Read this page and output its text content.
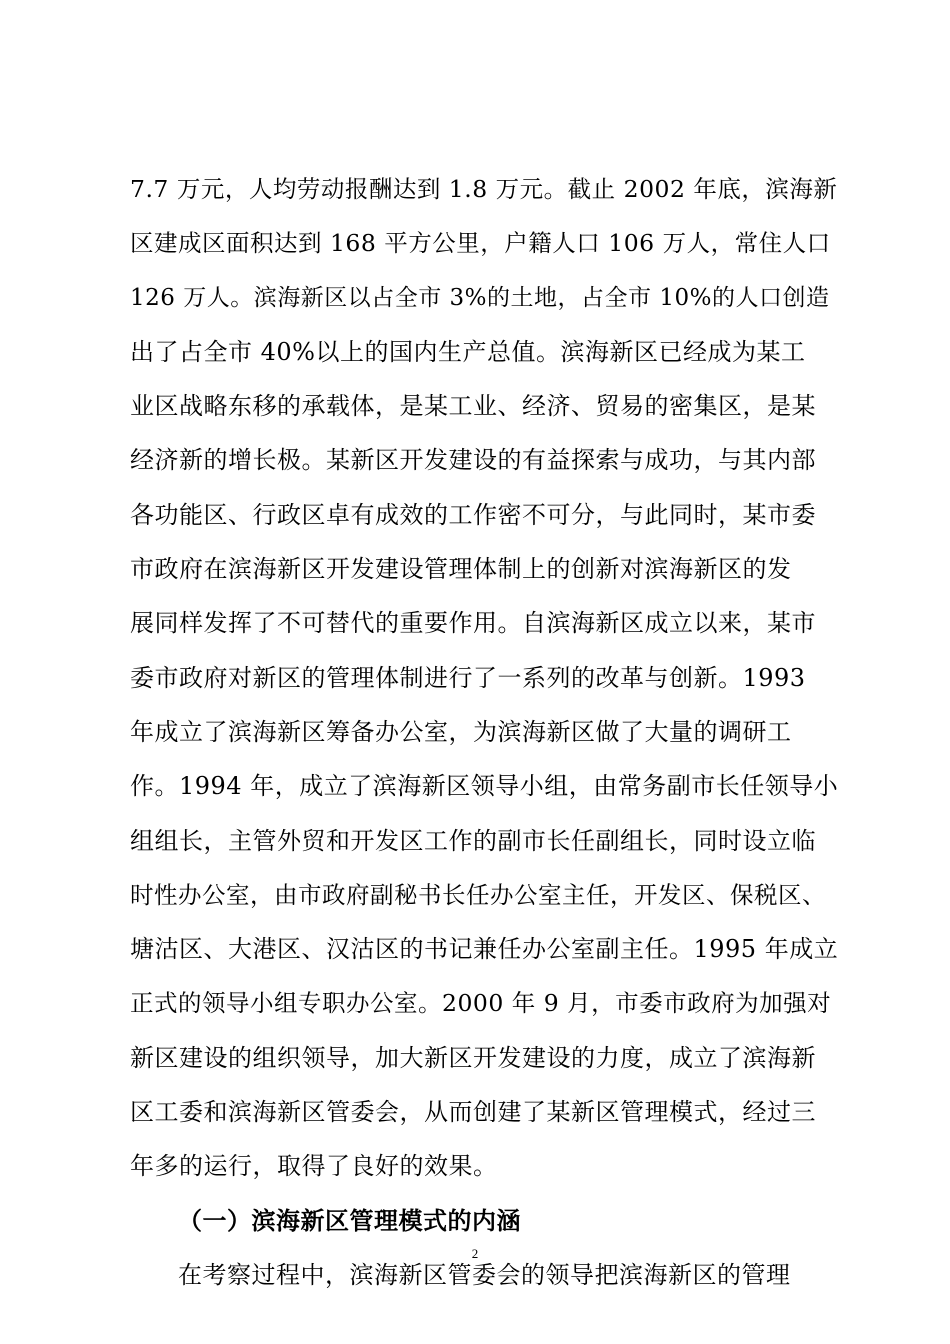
7.7 万元，人均劳动报酬达到 1.8 万元。截止 2002 年底，滨海新
区建成区面积达到 168 平方公里，户籍人口 106 万人，常住人口
126 万人。滨海新区以占全市 3%的土地，占全市 10%的人口创造
出了占全市 40%以上的国内生产总值。滨海新区已经成为某工
业区战略东移的承载体，是某工业、经济、贸易的密集区，是某
经济新的增长极。某新区开发建设的有益探索与成功，与其内部
各功能区、行政区卓有成效的工作密不可分，与此同时，某市委
市政府在滨海新区开发建设管理体制上的创新对滨海新区的发
展同样发挥了不可替代的重要作用。自滨海新区成立以来，某市
委市政府对新区的管理体制进行了一系列的改革与创新。1993
年成立了滨海新区筹备办公室，为滨海新区做了大量的调研工
作。1994 年，成立了滨海新区领导小组，由常务副市长任领导小
组组长，主管外贸和开发区工作的副市长任副组长，同时设立临
时性办公室，由市政府副秘书长任办公室主任，开发区、保税区、
塘沽区、大港区、汉沽区的书记兼任办公室副主任。1995 年成立
正式的领导小组专职办公室。2000 年 9 月，市委市政府为加强对
新区建设的组织领导，加大新区开发建设的力度，成立了滨海新
区工委和滨海新区管委会，从而创建了某新区管理模式，经过三
年多的运行，取得了良好的效果。
（一）滨海新区管理模式的内涵
在考察过程中，滨海新区管委会的领导把滨海新区的管理
2
